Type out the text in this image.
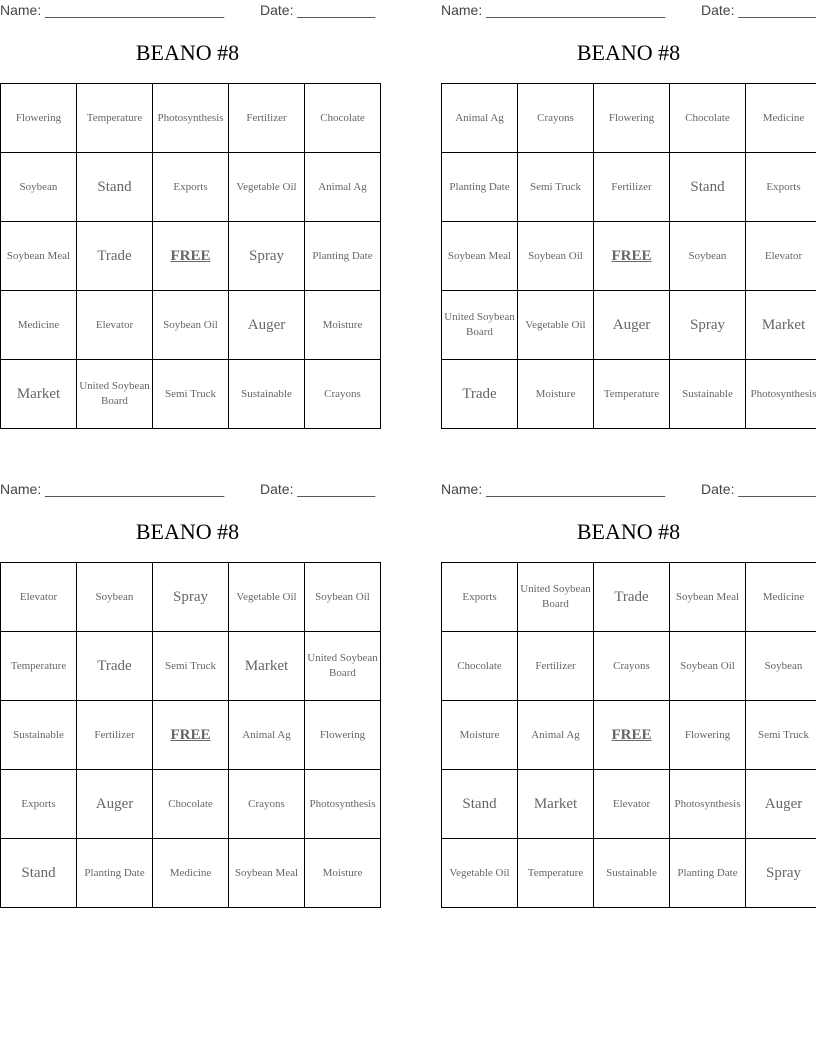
Name: _______________________	Date: __________
BEANO #8
Flowering	Temperature	Photosynthesis	Fertilizer	Chocolate
Soybean	Stand	Exports	Vegetable Oil	Animal Ag
Soybean Meal	Trade	FREE	Spray	Planting Date
Medicine	Elevator	Soybean Oil	Auger	Moisture
Market	United Soybean Board	Semi Truck	Sustainable	Crayons
Name: _______________________	Date: __________
BEANO #8
Animal Ag	Crayons	Flowering	Chocolate	Medicine
Planting Date	Semi Truck	Fertilizer	Stand	Exports
Soybean Meal	Soybean Oil	FREE	Soybean	Elevator
United Soybean Board	Vegetable Oil	Auger	Spray	Market
Trade	Moisture	Temperature	Sustainable	Photosynthesis
Name: _______________________	Date: __________
BEANO #8
Elevator	Soybean	Spray	Vegetable Oil	Soybean Oil
Temperature	Trade	Semi Truck	Market	United Soybean Board
Sustainable	Fertilizer	FREE	Animal Ag	Flowering
Exports	Auger	Chocolate	Crayons	Photosynthesis
Stand	Planting Date	Medicine	Soybean Meal	Moisture
Name: _______________________	Date: __________
BEANO #8
Exports	United Soybean Board	Trade	Soybean Meal	Medicine
Chocolate	Fertilizer	Crayons	Soybean Oil	Soybean
Moisture	Animal Ag	FREE	Flowering	Semi Truck
Stand	Market	Elevator	Photosynthesis	Auger
Vegetable Oil	Temperature	Sustainable	Planting Date	Spray
